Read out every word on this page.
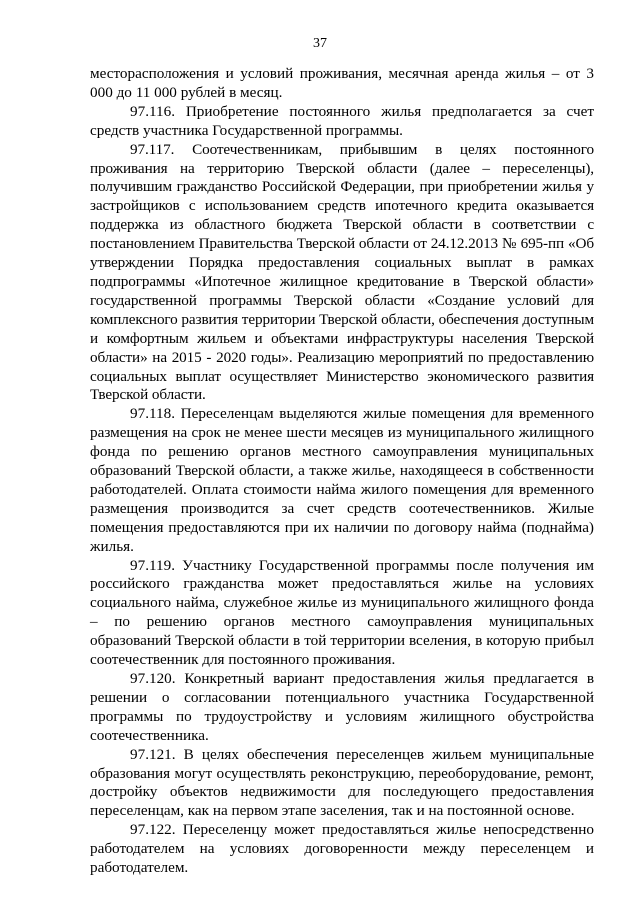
37

месторасположения и условий проживания, месячная аренда жилья – от 3 000 до 11 000 рублей в месяц.

97.116. Приобретение постоянного жилья предполагается за счет средств участника Государственной программы.

97.117. Соотечественникам, прибывшим в целях постоянного проживания на территорию Тверской области (далее – переселенцы), получившим гражданство Российской Федерации, при приобретении жилья у застройщиков с использованием средств ипотечного кредита оказывается поддержка из областного бюджета Тверской области в соответствии с постановлением Правительства Тверской области от 24.12.2013 № 695-пп «Об утверждении Порядка предоставления социальных выплат в рамках подпрограммы «Ипотечное жилищное кредитование в Тверской области» государственной программы Тверской области «Создание условий для комплексного развития территории Тверской области, обеспечения доступным и комфортным жильем и объектами инфраструктуры населения Тверской области» на 2015 - 2020 годы». Реализацию мероприятий по предоставлению социальных выплат осуществляет Министерство экономического развития Тверской области.

97.118. Переселенцам выделяются жилые помещения для временного размещения на срок не менее шести месяцев из муниципального жилищного фонда по решению органов местного самоуправления муниципальных образований Тверской области, а также жилье, находящееся в собственности работодателей. Оплата стоимости найма жилого помещения для временного размещения производится за счет средств соотечественников. Жилые помещения предоставляются при их наличии по договору найма (поднайма) жилья.

97.119. Участнику Государственной программы после получения им российского гражданства может предоставляться жилье на условиях социального найма, служебное жилье из муниципального жилищного фонда – по решению органов местного самоуправления муниципальных образований Тверской области в той территории вселения, в которую прибыл соотечественник для постоянного проживания.

97.120. Конкретный вариант предоставления жилья предлагается в решении о согласовании потенциального участника Государственной программы по трудоустройству и условиям жилищного обустройства соотечественника.

97.121. В целях обеспечения переселенцев жильем муниципальные образования могут осуществлять реконструкцию, переоборудование, ремонт, достройку объектов недвижимости для последующего предоставления переселенцам, как на первом этапе заселения, так и на постоянной основе.

97.122. Переселенцу может предоставляться жилье непосредственно работодателем на условиях договоренности между переселенцем и работодателем.
